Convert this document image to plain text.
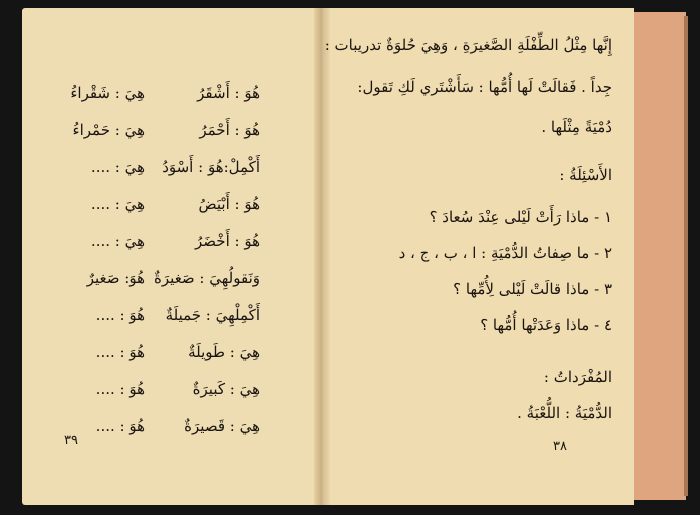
هُوَ : أَشْقَرُ
هُوَ : أَحْمَرُ
أَكْمِلْ:هُوَ : أَسْوَدُ
هُوَ : أَبْيَضُ
هُوَ : أَخْضَرُ
وَنَقولُهِيَ : صَغيرَةٌ
أَكْمِلْهِيَ : جَميلَةٌ
هِيَ : طَويلَةٌ
هِيَ : كَبيرَةٌ
هِيَ : قَصيرَةٌ
هِيَ : شَقْراءُ
هِيَ : حَمْراءُ
هِيَ : ....
هِيَ : ....
هِيَ : ....
هُوَ: صَغيرٌ
هُوَ : ....
هُوَ : ....
هُوَ : ....
هُوَ : ....
٣٩
إِنَّها مِثْلُ الطِّفْلَةِ الصَّغيرَةِ ، وَهِيَ حُلوَةٌ تدريبات :
جِداً . فَقالَتْ لَها أُمُّها : سَأَشْتَري لَكِ تَقول:
دُمْيَةً مِثْلَها .
الأَسْئِلَةُ :
١ - ماذا رَأَتْ لَيْلى عِنْدَ سُعادَ ؟
٢ - ما صِفاتُ الدُّمْيَةِ : ا ، ب ، ج ، د
٣ - ماذا قالَتْ لَيْلى لِأُمِّها ؟
٤ - ماذا وَعَدَتْها أُمُّها ؟
المُفْرَداتُ :
الدُّمْيَةُ : اللُّعْبَةُ .
٣٨
